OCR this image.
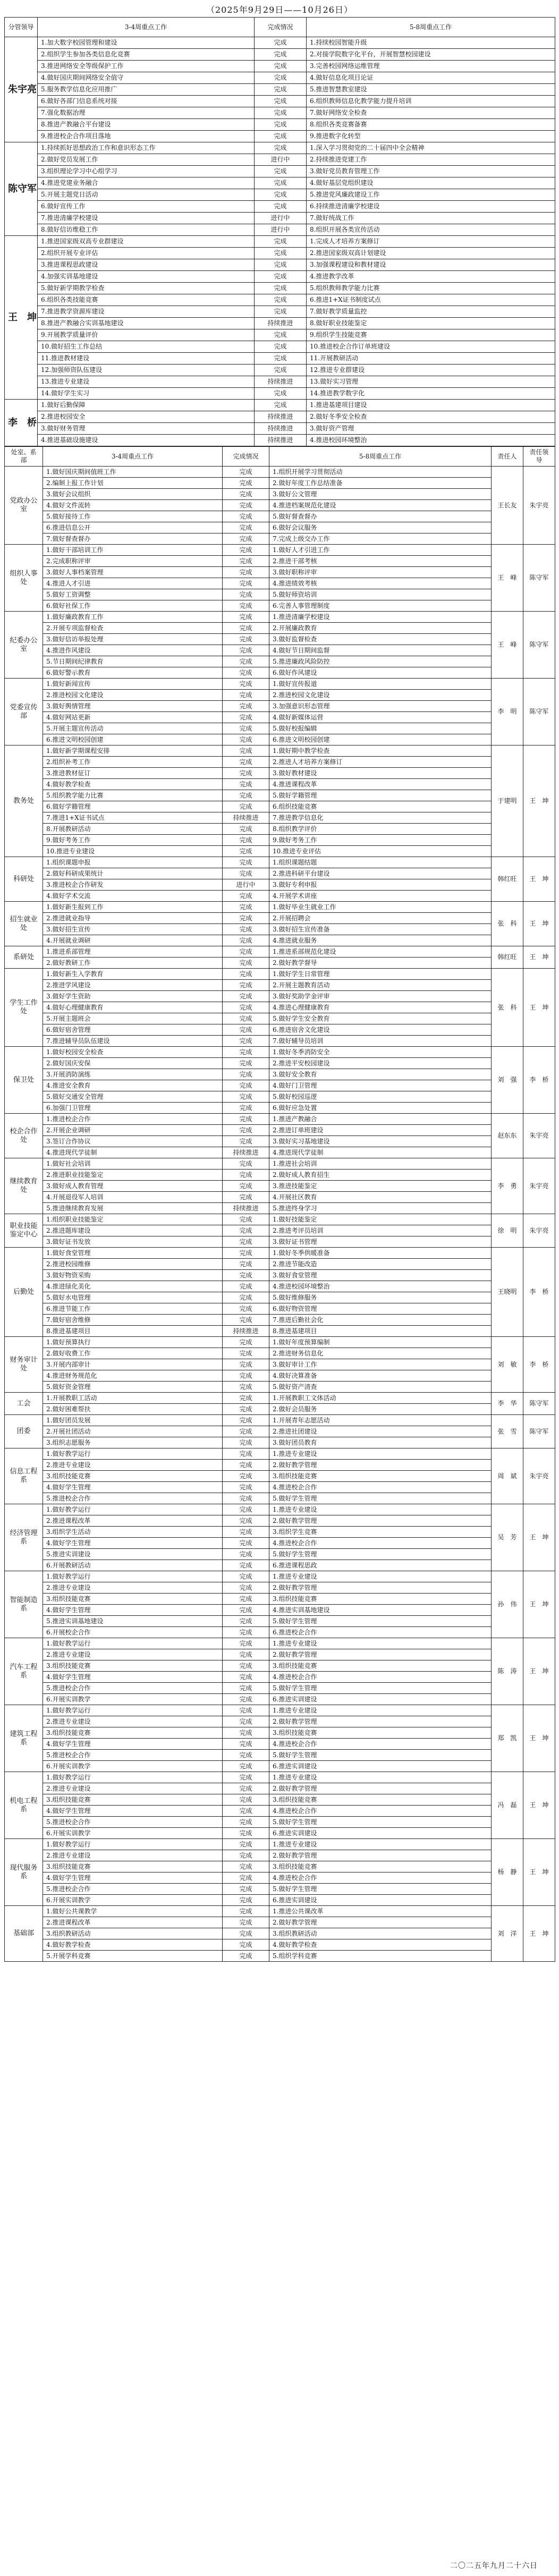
（2025年9月29日——10月26日）
分管领导	3-4周重点工作	完成情况	5-8周重点工作
朱宇亮	1.加大数字校园管理和建设	完成	1.持续校园智能升级
	2.组织学生参加各类信息化竞赛	完成	2.对接学院数字化平台，开展智慧校园建设
	3.推进网络安全等级保护工作	完成	3.完善校园网络运维管理
	4.做好国庆期间网络安全值守	完成	4.做好信息化项目论证
	5.服务教学信息化应用推广	完成	5.推进智慧教室建设
	6.做好各部门信息系统对接	完成	6.组织教师信息化教学能力提升培训
	7.强化数据治理	完成	7.做好网络安全检查
	8.推进产教融合平台建设	完成	8.组织各类竞赛备赛
	9.推进校企合作项目落地	完成	9.推进数字化转型
陈守军	1.持续抓好思想政治工作和意识形态工作	完成	1.深入学习贯彻党的二十届四中全会精神
	2.做好党员发展工作	进行中	2.持续推进党建工作
	3.组织理论学习中心组学习	完成	3.做好党员教育管理工作
	4.推进党建业务融合	完成	4.做好基层党组织建设
	5.开展主题党日活动	完成	5.推进党风廉政建设工作
	6.做好宣传工作	完成	6.持续推进清廉学校建设
	7.推进清廉学校建设	进行中	7.做好统战工作
	8.做好信访维稳工作	进行中	8.组织开展各类宣传活动
王　坤	1.推进国家级双高专业群建设	完成	1.完成人才培养方案修订
	2.组织开展专业评估	完成	2.推进国家级双高计划建设
	3.推进课程思政建设	完成	3.加强课程建设和教材建设
	4.加强实训基地建设	完成	4.推进教学改革
	5.做好新学期教学检查	完成	5.组织教师教学能力比赛
	6.组织各类技能竞赛	完成	6.推进1+X证书制度试点
	7.推进教学资源库建设	完成	7.做好教学质量监控
	8.推进产教融合实训基地建设	持续推进	8.做好职业技能鉴定
	9.开展教学质量评价	完成	9.组织学生技能竞赛
	10.做好招生工作总结	完成	10.推进校企合作订单班建设
	11.推进教材建设	完成	11.开展教研活动
	12.加强师资队伍建设	完成	12.推进专业群建设
	13.推进专业建设	持续推进	13.做好实习管理
	14.做好学生实习	完成	14.推进教学数字化
李　桥	1.做好后勤保障	完成	1.推进基建项目建设
	2.推进校园安全	持续推进	2.做好冬季安全检查
	3.做好财务管理	持续推进	3.做好资产管理
	4.推进基础设施建设	持续推进	4.推进校园环境整治
处室、系部	3-4周重点工作	完成情况	5-8周重点工作	责任人	责任领导
党政办公室	1.做好国庆期间值班工作	完成	1.组织开展学习贯彻活动	王长友	朱宇亮
	2.编制上报工作计划	完成	2.做好年度工作总结准备		
	3.做好会议组织	完成	3.做好公文管理		
	4.做好文件流转	完成	4.推进档案规范化建设		
	5.做好接待工作	完成	5.做好督查督办		
	6.推进信息公开	完成	6.做好会议服务		
	7.做好督查督办	完成	7.完成上级交办工作		
组织人事处	1.做好干部培训工作	完成	1.做好人才引进工作	王　峰	陈守军
	2.完成职称评审	完成	2.推进干部考核		
	3.做好人事档案管理	完成	3.做好职称评审		
	4.推进人才引进	完成	4.推进绩效考核		
	5.做好工资调整	完成	5.做好师资培训		
	6.做好社保工作	完成	6.完善人事管理制度		
纪委办公室	1.做好廉政教育工作	完成	1.推进清廉学校建设	王　峰	陈守军
	2.开展专项监督检查	完成	2.开展廉政教育		
	3.做好信访举报处理	完成	3.做好监督检查		
	4.推进作风建设	完成	4.做好节日期间监督		
	5.节日期间纪律教育	完成	5.推进廉政风险防控		
	6.做好警示教育	完成	6.做好作风建设		
党委宣传部	1.做好新闻宣传	完成	1.做好宣传报道	李　明	陈守军
	2.推进校园文化建设	完成	2.推进校园文化建设		
	3.做好舆情管理	完成	3.加强意识形态管理		
	4.做好网站更新	完成	4.做好新媒体运营		
	5.开展主题宣传活动	完成	5.做好校报编辑		
	6.推进文明校园创建	完成	6.推进文明校园创建		
教务处	1.做好新学期课程安排	完成	1.做好期中教学检查	于建明	王　坤
	2.组织补考工作	完成	2.推进人才培养方案修订		
	3.推进教材征订	完成	3.做好教材建设		
	4.做好教学检查	完成	4.推进课程改革		
	5.组织教学能力比赛	完成	5.做好学籍管理		
	6.做好学籍管理	完成	6.组织技能竞赛		
	7.推进1+X证书试点	持续推进	7.推进教学信息化		
	8.开展教研活动	完成	8.组织教学评价		
	9.做好考务工作	完成	9.做好考务工作		
	10.推进专业建设	完成	10.推进专业评估		
科研处	1.组织课题申报	完成	1.组织课题结题	韩红旺	王　坤
	2.做好科研成果统计	完成	2.推进科研平台建设		
	3.推进校企合作研发	进行中	3.做好专利申报		
	4.做好学术交流	完成	4.开展学术讲座		
招生就业处	1.做好新生报到工作	完成	1.做好毕业生就业工作	张　科	王　坤
	2.推进就业指导	完成	2.开展招聘会		
	3.做好招生宣传	完成	3.做好招生宣传准备		
	4.开展就业调研	完成	4.推进就业服务		
系研处	1.推进系部管理	完成	1.推进系部规范化建设	韩红旺	王　坤
	2.做好教研工作	完成	2.做好教学督导		
学生工作处	1.做好新生入学教育	完成	1.做好学生日常管理	张　科	王　坤
	2.推进学风建设	完成	2.开展主题教育活动		
	3.做好学生资助	完成	3.做好奖助学金评审		
	4.做好心理健康教育	完成	4.推进心理健康教育		
	5.开展主题班会	完成	5.做好学生安全教育		
	6.做好宿舍管理	完成	6.推进宿舍文化建设		
	7.推进辅导员队伍建设	完成	7.做好辅导员培训		
保卫处	1.做好校园安全检查	完成	1.做好冬季消防安全	刘　强	李　桥
	2.做好国庆安保	完成	2.推进平安校园建设		
	3.开展消防演练	完成	3.做好安全教育		
	4.推进安全教育	完成	4.做好门卫管理		
	5.做好交通安全管理	完成	5.做好校园巡逻		
	6.加强门卫管理	完成	6.做好应急处置		
校企合作处	1.推进校企合作	完成	1.推进产教融合	赵东东	朱宇亮
	2.开展企业调研	完成	2.推进订单班建设		
	3.签订合作协议	完成	3.做好实习基地建设		
	4.推进现代学徒制	持续推进	4.推进现代学徒制		
继续教育处	1.做好社会培训	完成	1.推进社会培训	李　勇	朱宇亮
	2.推进职业技能鉴定	完成	2.做好成人教育招生		
	3.做好成人教育管理	完成	3.推进技能鉴定		
	4.开展退役军人培训	完成	4.开展社区教育		
	5.推进继续教育发展	持续推进	5.推进终身学习		
职业技能鉴定中心	1.组织职业技能鉴定	完成	1.做好技能鉴定	徐　明	朱宇亮
	2.推进题库建设	完成	2.推进考评员培训		
	3.做好证书发放	完成	3.做好证书管理		
后勤处	1.做好食堂管理	完成	1.做好冬季供暖准备	王晓明	李　桥
	2.推进校园维修	完成	2.推进节能改造		
	3.做好物资采购	完成	3.做好食堂管理		
	4.推进绿化美化	完成	4.推进校园环境整治		
	5.做好水电管理	完成	5.做好维修服务		
	6.推进节能工作	完成	6.做好物资管理		
	7.做好宿舍维修	完成	7.推进后勤社会化		
	8.推进基建项目	持续推进	8.推进基建项目		
财务审计处	1.做好预算执行	完成	1.做好年度预算编制	刘　敏	李　桥
	2.做好收费工作	完成	2.推进财务信息化		
	3.开展内部审计	完成	3.做好审计工作		
	4.推进财务规范化	完成	4.做好决算准备		
	5.做好资金管理	完成	5.做好资产清查		
工会	1.开展教职工活动	完成	1.开展教职工文体活动	李　华	陈守军
	2.做好困难帮扶	完成	2.做好会员服务		
团委	1.做好团员发展	完成	1.开展青年志愿活动	张　雪	陈守军
	2.开展社团活动	完成	2.推进社团建设		
	3.组织志愿服务	完成	3.做好团员教育		
信息工程系	1.做好教学运行	完成	1.推进专业建设	周　斌	朱宇亮
	2.推进专业建设	完成	2.做好教学管理		
	3.组织技能竞赛	完成	3.组织技能竞赛		
	4.做好学生管理	完成	4.推进校企合作		
	5.推进校企合作	完成	5.做好学生管理		
经济管理系	1.做好教学运行	完成	1.推进专业建设	吴　芳	王　坤
	2.推进课程改革	完成	2.做好教学管理		
	3.组织学生活动	完成	3.组织学生竞赛		
	4.做好学生管理	完成	4.推进校企合作		
	5.推进实训建设	完成	5.做好学生管理		
	6.开展教研活动	完成	6.推进课程思政		
智能制造系	1.做好教学运行	完成	1.推进专业建设	孙　伟	王　坤
	2.推进专业建设	完成	2.做好教学管理		
	3.组织技能竞赛	完成	3.组织技能竞赛		
	4.做好学生管理	完成	4.推进实训基地建设		
	5.推进实训基地建设	完成	5.做好学生管理		
	6.开展校企合作	完成	6.推进校企合作		
汽车工程系	1.做好教学运行	完成	1.推进专业建设	陈　涛	王　坤
	2.推进专业建设	完成	2.做好教学管理		
	3.组织技能竞赛	完成	3.组织技能竞赛		
	4.做好学生管理	完成	4.推进校企合作		
	5.推进校企合作	完成	5.做好学生管理		
	6.开展实训教学	完成	6.推进实训建设		
建筑工程系	1.做好教学运行	完成	1.推进专业建设	郑　凯	王　坤
	2.推进专业建设	完成	2.做好教学管理		
	3.组织技能竞赛	完成	3.组织技能竞赛		
	4.做好学生管理	完成	4.推进校企合作		
	5.推进校企合作	完成	5.做好学生管理		
	6.开展实训教学	完成	6.推进实训建设		
机电工程系	1.做好教学运行	完成	1.推进专业建设	冯　磊	王　坤
	2.推进专业建设	完成	2.做好教学管理		
	3.组织技能竞赛	完成	3.组织技能竞赛		
	4.做好学生管理	完成	4.推进校企合作		
	5.推进校企合作	完成	5.做好学生管理		
	6.开展实训教学	完成	6.推进实训建设		
现代服务系	1.做好教学运行	完成	1.推进专业建设	杨　静	王　坤
	2.推进专业建设	完成	2.做好教学管理		
	3.组织技能竞赛	完成	3.组织技能竞赛		
	4.做好学生管理	完成	4.推进校企合作		
	5.推进校企合作	完成	5.做好学生管理		
	6.开展实训教学	完成	6.推进实训建设		
基础部	1.做好公共课教学	完成	1.推进公共课改革	刘　洋	王　坤
	2.推进课程改革	完成	2.做好教学管理		
	3.组织教研活动	完成	3.组织教研活动		
	4.做好教学检查	完成	4.做好教学检查		
	5.开展学科竞赛	完成	5.组织学科竞赛		
二〇二五年九月二十六日
